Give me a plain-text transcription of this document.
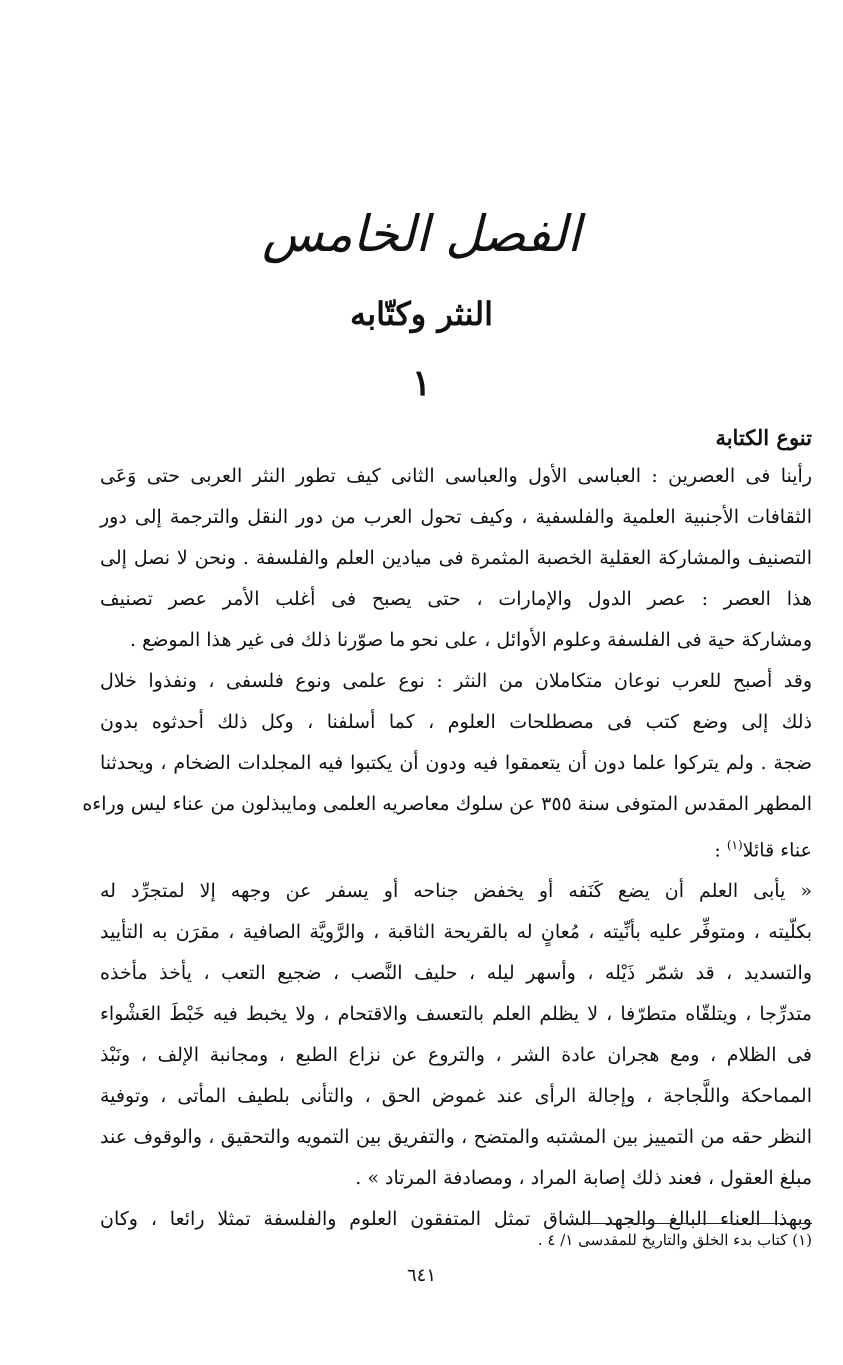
الفصل الخامس
النثر وكتّابه
١

تنوع الكتابة

رأينا فى العصرين : العباسى الأول والعباسى الثانى كيف تطور النثر العربى حتى وَعَى

الثقافات الأجنبية العلمية والفلسفية ، وكيف تحول العرب من دور النقل والترجمة إلى دور

التصنيف والمشاركة العقلية الخصبة المثمرة فى ميادين العلم والفلسفة . ونحن لا نصل إلى

هذا العصر : عصر الدول والإمارات ، حتى يصبح فى أغلب الأمر عصر تصنيف

ومشاركة حية فى الفلسفة وعلوم الأوائل ، على نحو ما صوّرنا ذلك فى غير هذا الموضع .

وقد أصبح للعرب نوعان متكاملان من النثر : نوع علمى ونوع فلسفى ، ونفذوا خلال

ذلك إلى وضع كتب فى مصطلحات العلوم ، كما أسلفنا ، وكل ذلك أحدثوه بدون

ضجة . ولم يتركوا علما دون أن يتعمقوا فيه ودون أن يكتبوا فيه المجلدات الضخام ، ويحدثنا

المطهر المقدس المتوفى سنة ٣٥٥ عن سلوك معاصريه العلمى ومايبذلون من عناء ليس وراءه

عناء قائلا$^{(١)}$ :

« يأبى العلم أن يضع كَنَفه أو يخفض جناحه أو يسفر عن وجهه إلا لمتجرِّد له

بكلّيته ، ومتوفِّر عليه بأنِّيته ، مُعانٍ له بالقريحة الثاقبة ، والرَّويَّة الصافية ، مقرَن به التأييد

والتسديد ، قد شمّر ذَيْله ، وأسهر ليله ، حليف النَّصب ، ضجيع التعب ، يأخذ مأخذه

متدرِّجا ، ويتلقّاه متطرّفا ، لا يظلم العلم بالتعسف والاقتحام ، ولا يخبط فيه خَبْطَ العَشْواء

فى الظلام ، ومع هجران عادة الشر ، والتروع عن نزاع الطبع ، ومجانبة الإلف ، ونَبْذ

المماحكة واللَّجاجة ، وإجالة الرأى عند غموض الحق ، والتأنى بلطيف المأتى ، وتوفية

النظر حقه من التمييز بين المشتبه والمتضح ، والتفريق بين التمويه والتحقيق ، والوقوف عند

مبلغ العقول ، فعند ذلك إصابة المراد ، ومصادفة المرتاد » .

وبهذا العناء البالغ والجهد الشاق تمثل المتفقون العلوم والفلسفة تمثلا رائعا ، وكان

(١) كتاب بدء الخلق والتاريخ للمقدسى ١/ ٤ .
٦٤١
